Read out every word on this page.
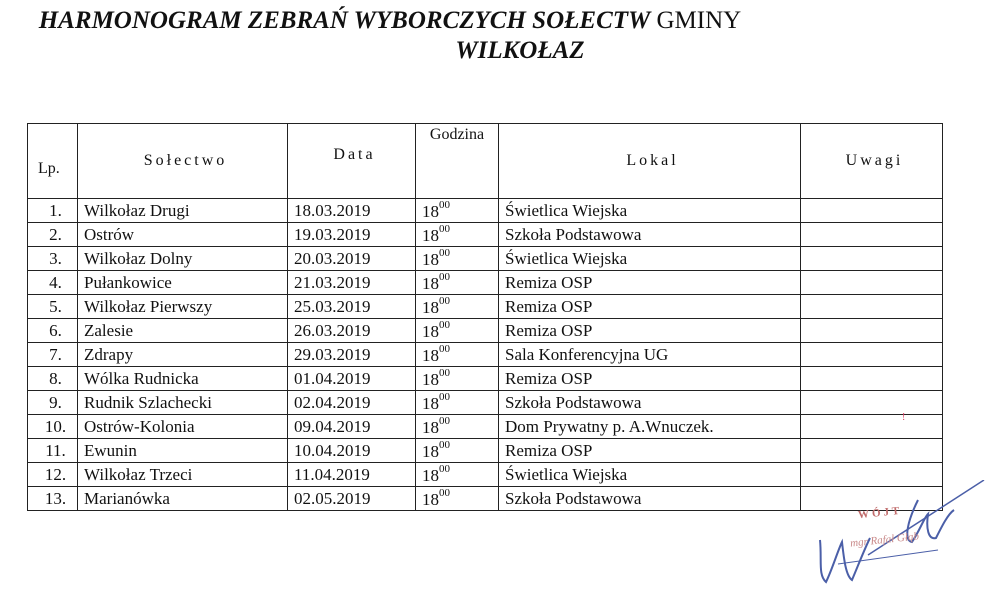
HARMONOGRAM ZEBRAŃ WYBORCZYCH SOŁECTW GMINY
WILKOŁAZ
Lp.	Sołectwo	Data	Godzina	Lokal	Uwagi
1.	Wilkołaz Drugi	18.03.2019	$18^{00}$	Świetlica Wiejska	
2.	Ostrów	19.03.2019	$18^{00}$	Szkoła Podstawowa	
3.	Wilkołaz Dolny	20.03.2019	$18^{00}$	Świetlica Wiejska	
4.	Pułankowice	21.03.2019	$18^{00}$	Remiza OSP	
5.	Wilkołaz Pierwszy	25.03.2019	$18^{00}$	Remiza OSP	
6.	Zalesie	26.03.2019	$18^{00}$	Remiza OSP	
7.	Zdrapy	29.03.2019	$18^{00}$	Sala Konferencyjna UG	
8.	Wólka Rudnicka	01.04.2019	$18^{00}$	Remiza OSP	
9.	Rudnik Szlachecki	02.04.2019	$18^{00}$	Szkoła Podstawowa	
10.	Ostrów-Kolonia	09.04.2019	$18^{00}$	Dom Prywatny p. A.Wnuczek.	
11.	Ewunin	10.04.2019	$18^{00}$	Remiza OSP	
12.	Wilkołaz Trzeci	11.04.2019	$18^{00}$	Świetlica Wiejska	
13.	Marianówka	02.05.2019	$18^{00}$	Szkoła Podstawowa	
ǃ
WÓJT
mgr Rafał Głąb
